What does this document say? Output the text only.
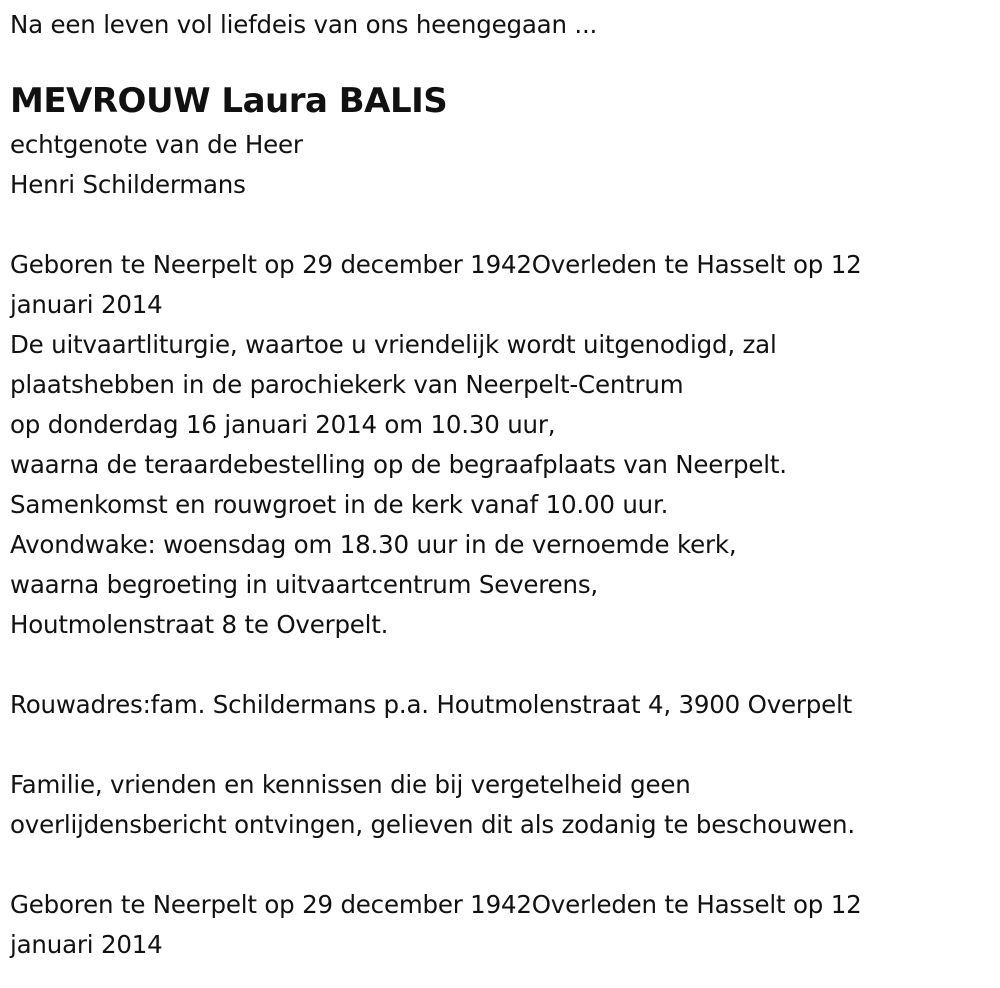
Na een leven vol liefdeis van ons heengegaan ...
MEVROUW Laura BALIS
echtgenote van de Heer
Henri Schildermans
Geboren te Neerpelt op 29 december 1942Overleden te Hasselt op 12
januari 2014
De uitvaartliturgie, waartoe u vriendelijk wordt uitgenodigd, zal
plaatshebben in de parochiekerk van Neerpelt-Centrum
op donderdag 16 januari 2014 om 10.30 uur,
waarna de teraardebestelling op de begraafplaats van Neerpelt.
Samenkomst en rouwgroet in de kerk vanaf 10.00 uur.
Avondwake: woensdag om 18.30 uur in de vernoemde kerk,
waarna begroeting in uitvaartcentrum Severens,
Houtmolenstraat 8 te Overpelt.
Rouwadres:fam. Schildermans p.a. Houtmolenstraat 4, 3900 Overpelt
Familie, vrienden en kennissen die bij vergetelheid geen
overlijdensbericht ontvingen, gelieven dit als zodanig te beschouwen.
Geboren te Neerpelt op 29 december 1942Overleden te Hasselt op 12
januari 2014
